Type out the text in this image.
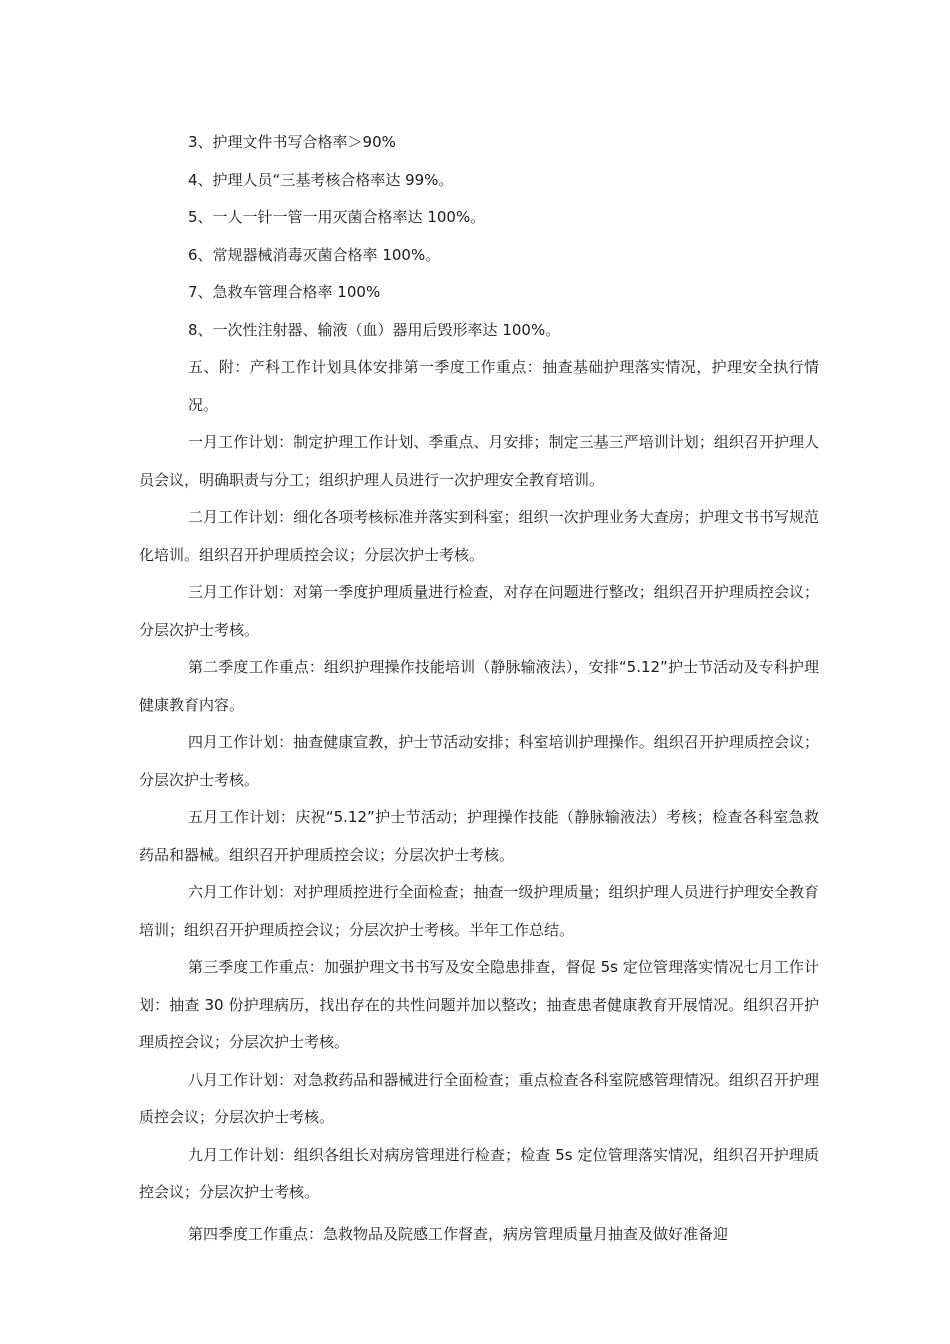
3、护理文件书写合格率＞90%

4、护理人员“三基考核合格率达 99%。

5、一人一针一管一用灭菌合格率达 100%。

6、常规器械消毒灭菌合格率 100%。

7、急救车管理合格率 100%

8、一次性注射器、输液（血）器用后毁形率达 100%。

五、附：产科工作计划具体安排第一季度工作重点：抽查基础护理落实情况，护理安全执行情况。

一月工作计划：制定护理工作计划、季重点、月安排；制定三基三严培训计划；组织召开护理人员会议，明确职责与分工；组织护理人员进行一次护理安全教育培训。

二月工作计划：细化各项考核标准并落实到科室；组织一次护理业务大查房；护理文书书写规范化培训。组织召开护理质控会议；分层次护士考核。

三月工作计划：对第一季度护理质量进行检查，对存在问题进行整改；组织召开护理质控会议；分层次护士考核。

第二季度工作重点：组织护理操作技能培训（静脉输液法），安排“5.12”护士节活动及专科护理健康教育内容。

四月工作计划：抽查健康宣教，护士节活动安排；科室培训护理操作。组织召开护理质控会议；分层次护士考核。

五月工作计划：庆祝“5.12”护士节活动；护理操作技能（静脉输液法）考核；检查各科室急救药品和器械。组织召开护理质控会议；分层次护士考核。

六月工作计划：对护理质控进行全面检查；抽查一级护理质量；组织护理人员进行护理安全教育培训；组织召开护理质控会议；分层次护士考核。半年工作总结。

第三季度工作重点：加强护理文书书写及安全隐患排查，督促 5s 定位管理落实情况七月工作计划：抽查 30 份护理病历，找出存在的共性问题并加以整改；抽查患者健康教育开展情况。组织召开护理质控会议；分层次护士考核。

八月工作计划：对急救药品和器械进行全面检查；重点检查各科室院感管理情况。组织召开护理质控会议；分层次护士考核。

九月工作计划：组织各组长对病房管理进行检查；检查 5s 定位管理落实情况，组织召开护理质控会议；分层次护士考核。

第四季度工作重点：急救物品及院感工作督查，病房管理质量月抽查及做好准备迎
